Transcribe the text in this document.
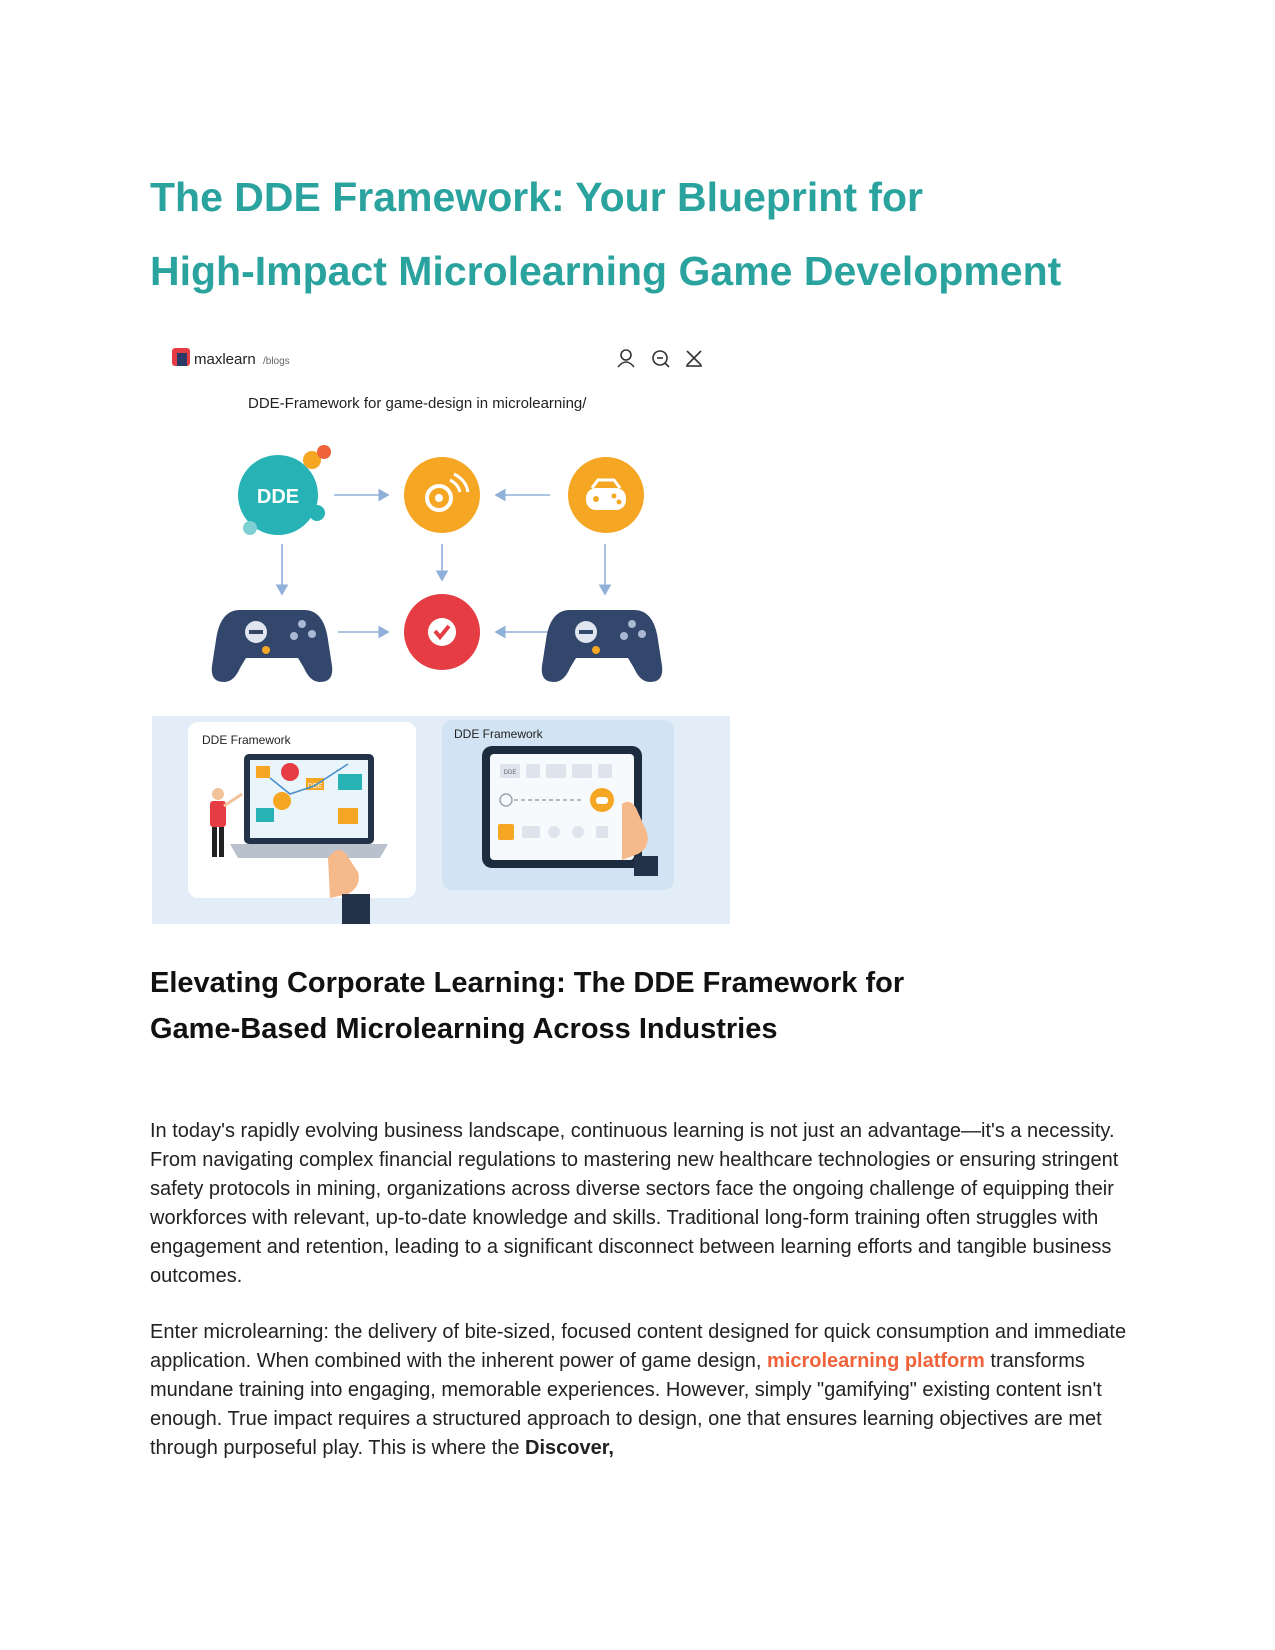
The DDE Framework: Your Blueprint for
High-Impact Microlearning Game Development
maxlearn /blogs
DDE-Framework for game-design in microlearning/
DDE
DDE Framework
DDE
DDE Framework
DDE
Elevating Corporate Learning: The DDE Framework for
Game-Based Microlearning Across Industries

In today's rapidly evolving business landscape, continuous learning is not just an advantage—it's a necessity. From navigating complex financial regulations to mastering new healthcare technologies or ensuring stringent safety protocols in mining, organizations across diverse sectors face the ongoing challenge of equipping their workforces with relevant, up-to-date knowledge and skills. Traditional long-form training often struggles with engagement and retention, leading to a significant disconnect between learning efforts and tangible business outcomes.

Enter microlearning: the delivery of bite-sized, focused content designed for quick consumption and immediate application. When combined with the inherent power of game design, microlearning platform transforms mundane training into engaging, memorable experiences. However, simply "gamifying" existing content isn't enough. True impact requires a structured approach to design, one that ensures learning objectives are met through purposeful play. This is where the Discover,
